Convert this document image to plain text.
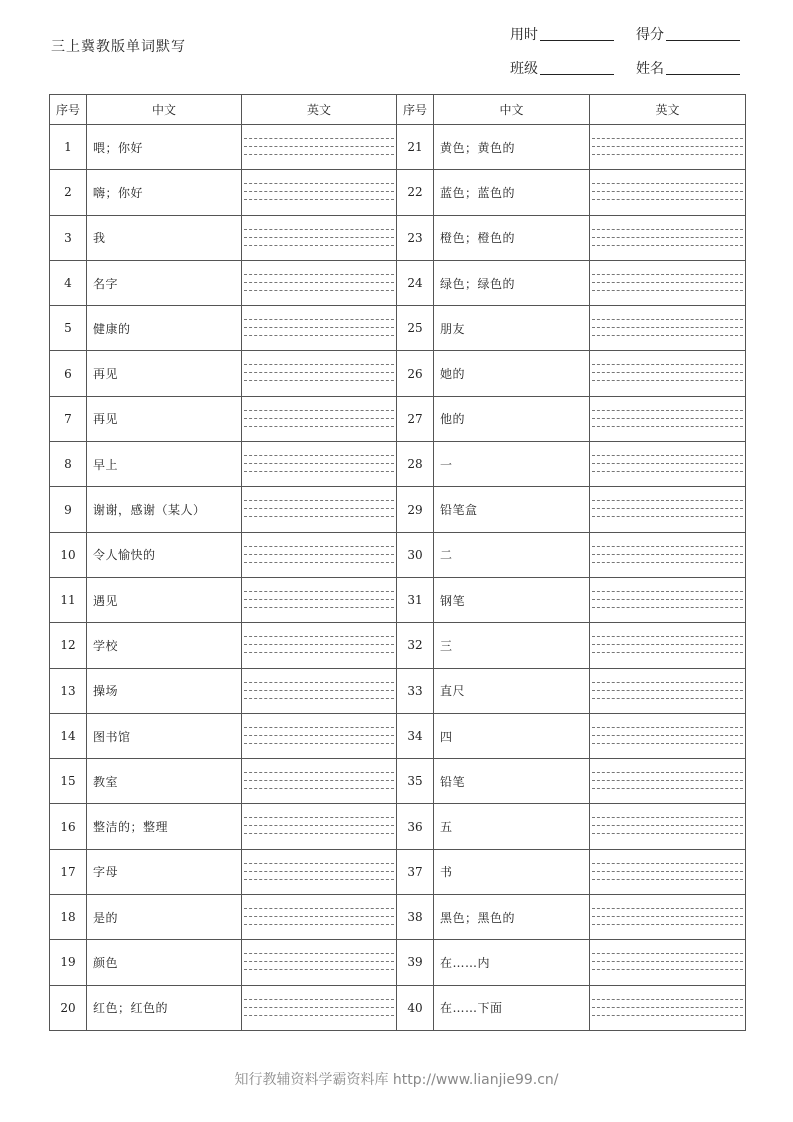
三上冀教版单词默写
用时	得分
班级	姓名
序号	中文	英文	序号	中文	英文
1	喂；你好		21	黄色；黄色的	

2	嗨；你好		22	蓝色；蓝色的	

3	我		23	橙色；橙色的	

4	名字		24	绿色；绿色的	

5	健康的		25	朋友	

6	再见		26	她的	

7	再见		27	他的	

8	早上		28	一	

9	谢谢，感谢（某人）		29	铅笔盒	

10	令人愉快的		30	二	

11	遇见		31	钢笔	

12	学校		32	三	

13	操场		33	直尺	

14	图书馆		34	四	

15	教室		35	铅笔	

16	整洁的；整理		36	五	

17	字母		37	书	

18	是的		38	黑色；黑色的	

19	颜色		39	在……内	

20	红色；红色的		40	在……下面	
知行教辅资料学霸资料库 http://www.lianjie99.cn/
